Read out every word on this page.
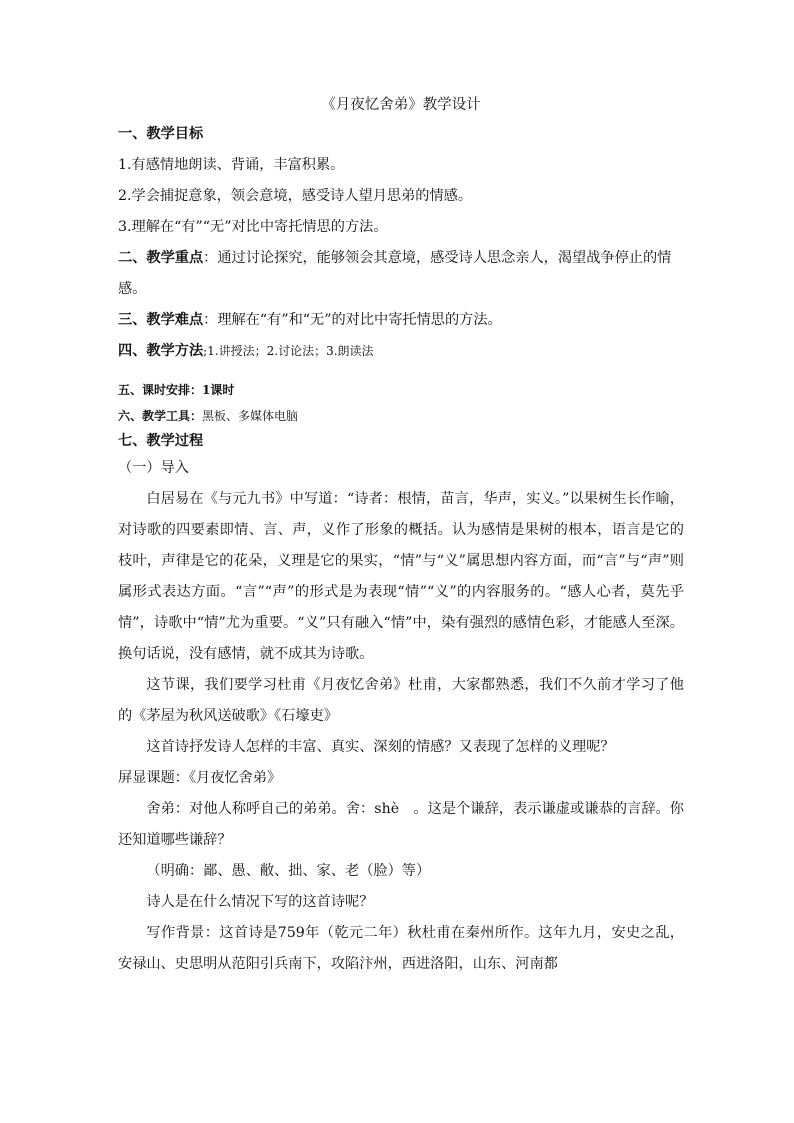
《月夜忆舍弟》教学设计

一、教学目标

1.有感情地朗读、背诵，丰富积累。

2.学会捕捉意象，领会意境，感受诗人望月思弟的情感。

3.理解在“有”“无”对比中寄托情思的方法。

二、教学重点：通过讨论探究，能够领会其意境，感受诗人思念亲人，渴望战争停止的情感。

三、教学难点：理解在“有”和“无”的对比中寄托情思的方法。

四、教学方法;1.讲授法；2.讨论法；3.朗读法

五、课时安排：1课时

六、教学工具：黑板、多媒体电脑

七、教学过程

（一）导入

白居易在《与元九书》中写道：“诗者：根情，苗言，华声，实义。”以果树生长作喻，对诗歌的四要素即情、言、声，义作了形象的概括。认为感情是果树的根本，语言是它的枝叶，声律是它的花朵，义理是它的果实，“情”与“义”属思想内容方面，而“言”与“声”则属形式表达方面。“言”“声”的形式是为表现“情”“义”的内容服务的。“感人心者，莫先乎情”，诗歌中“情”尤为重要。“义”只有融入“情”中，染有强烈的感情色彩，才能感人至深。换句话说，没有感情，就不成其为诗歌。

这节课，我们要学习杜甫《月夜忆舍弟》杜甫，大家都熟悉，我们不久前才学习了他的《茅屋为秋风送破歌》《石壕吏》

这首诗抒发诗人怎样的丰富、真实、深刻的情感？又表现了怎样的义理呢？

屏显课题：《月夜忆舍弟》

舍弟：对他人称呼自己的弟弟。舍：shè　。这是个谦辞，表示谦虚或谦恭的言辞。你还知道哪些谦辞？

（明确：鄙、愚、敝、拙、家、老（脸）等）

诗人是在什么情况下写的这首诗呢？

写作背景：这首诗是759年（乾元二年）秋杜甫在秦州所作。这年九月，安史之乱，安禄山、史思明从范阳引兵南下，攻陷汴州，西进洛阳，山东、河南都
